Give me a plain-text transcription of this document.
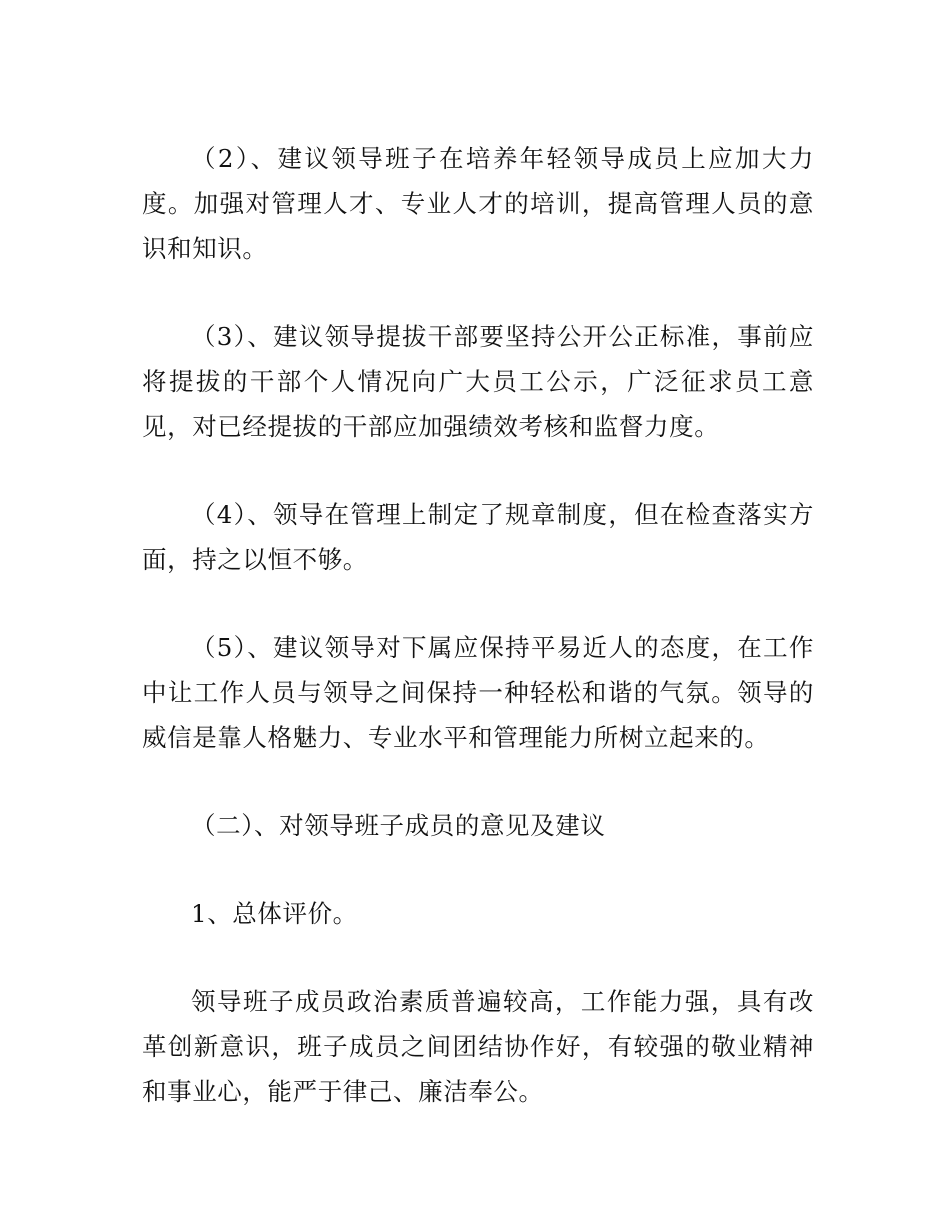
（2）、建议领导班子在培养年轻领导成员上应加大力度。加强对管理人才、专业人才的培训，提高管理人员的意识和知识。

（3）、建议领导提拔干部要坚持公开公正标准，事前应将提拔的干部个人情况向广大员工公示，广泛征求员工意见，对已经提拔的干部应加强绩效考核和监督力度。

（4）、领导在管理上制定了规章制度，但在检查落实方面，持之以恒不够。

（5）、建议领导对下属应保持平易近人的态度，在工作中让工作人员与领导之间保持一种轻松和谐的气氛。领导的威信是靠人格魅力、专业水平和管理能力所树立起来的。

（二）、对领导班子成员的意见及建议

1、总体评价。

领导班子成员政治素质普遍较高，工作能力强，具有改革创新意识，班子成员之间团结协作好，有较强的敬业精神和事业心，能严于律己、廉洁奉公。
